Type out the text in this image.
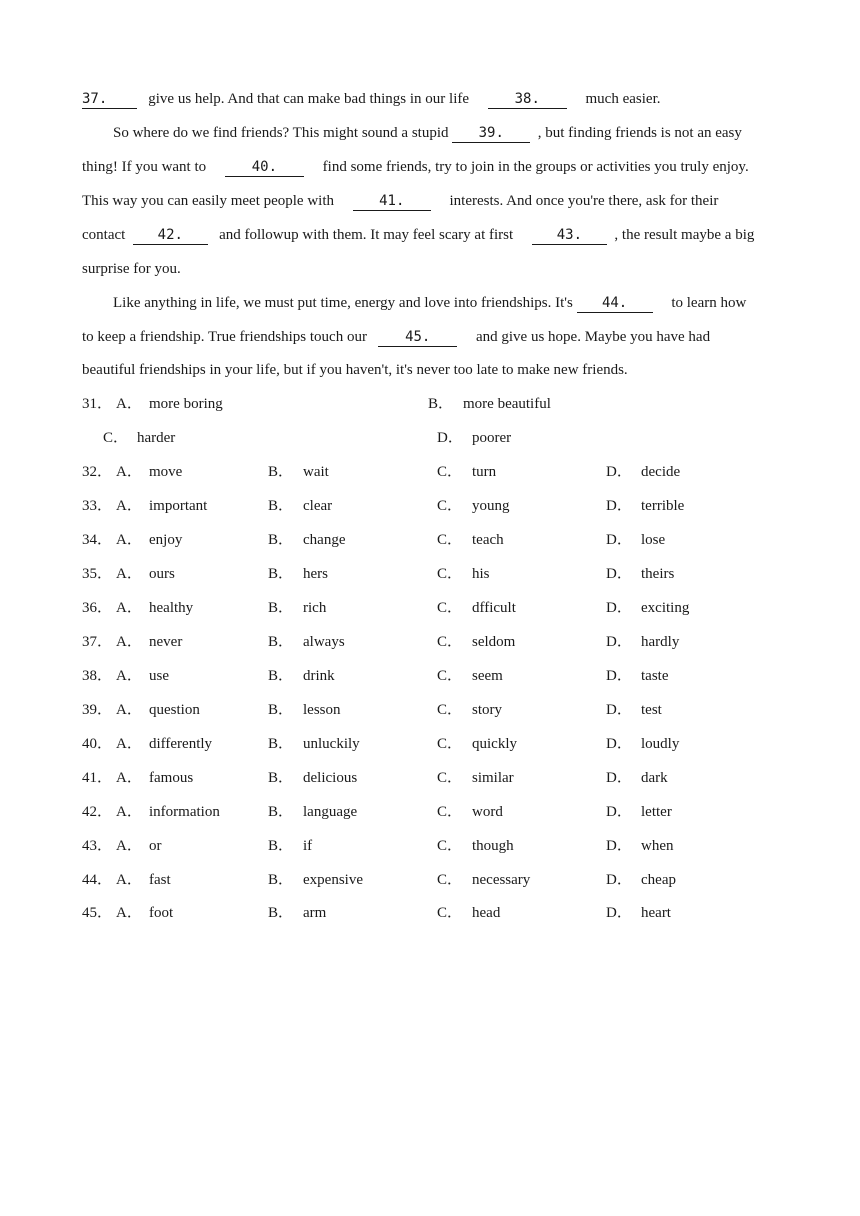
37.	give us help. And that can make bad things in our life	38.	much easier.
So where do we find friends? This might sound a stupid 39. , but finding friends is not an easy
thing! If you want to	40.	find some friends, try to join in the groups or activities you truly enjoy.
This way you can easily meet people with	41.	interests. And once you're there, ask for their
contact 42. and followup with them. It may feel scary at first	43. , the result maybe a big
surprise for you.
Like anything in life, we must put time, energy and love into friendships. It's 44.	to learn how
to keep a friendship. True friendships touch our	45.	and give us hope. Maybe you have had
beautiful friendships in your life, but if you haven't, it's never too late to make new friends.
31． A． more boring	B． more beautiful
C． harder	D． poorer
32． A． move	B． wait	C． turn	D． decide
33． A． important	B． clear	C． young	D． terrible
34． A． enjoy	B． change	C． teach	D． lose
35． A． ours	B． hers	C． his	D． theirs
36． A． healthy	B． rich	C． dfficult	D． exciting
37． A． never	B． always	C． seldom	D． hardly
38． A． use	B． drink	C． seem	D． taste
39． A． question	B． lesson	C． story	D． test
40． A． differently	B． unluckily	C． quickly	D． loudly
41． A． famous	B． delicious	C． similar	D． dark
42． A． information	B． language	C． word	D． letter
43． A． or	B． if	C． though	D． when
44． A． fast	B． expensive	C． necessary	D． cheap
45． A． foot	B． arm	C． head	D． heart
